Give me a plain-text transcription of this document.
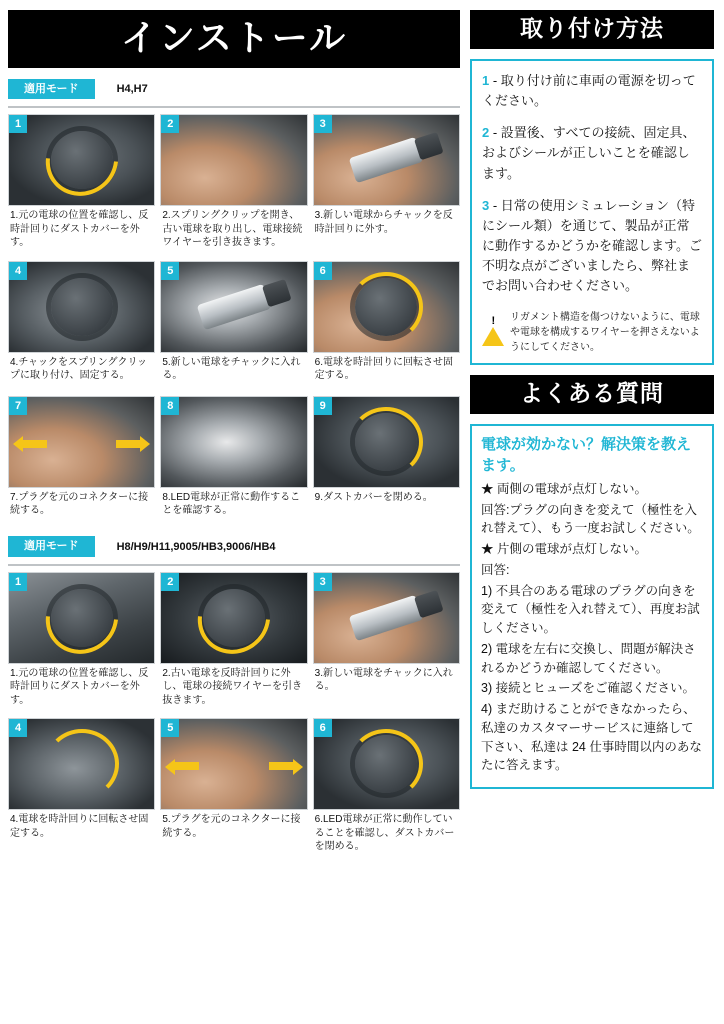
インストール
適用モード	H4,H7
1
1.元の電球の位置を確認し、反時計回りにダストカバーを外す。
2
2.スプリングクリップを開き、古い電球を取り出し、電球接続ワイヤーを引き抜きます。
3
3.新しい電球からチャックを反時計回りに外す。
4
4.チャックをスプリングクリップに取り付け、固定する。
5
5.新しい電球をチャックに入れる。
6
6.電球を時計回りに回転させ固定する。
7
7.プラグを元のコネクターに接続する。
8
8.LED電球が正常に動作することを確認する。
9
9.ダストカバーを閉める。
適用モード	H8/H9/H11,9005/HB3,9006/HB4
1
1.元の電球の位置を確認し、反時計回りにダストカバーを外す。
2
2.古い電球を反時計回りに外し、電球の接続ワイヤーを引き抜きます。
3
3.新しい電球をチャックに入れる。
4
4.電球を時計回りに回転させ固定する。
5
5.プラグを元のコネクターに接続する。
6
6.LED電球が正常に動作していることを確認し、ダストカバーを閉める。
取り付け方法

1 - 取り付け前に車両の電源を切ってください。

2 - 設置後、すべての接続、固定具、およびシールが正しいことを確認します。

3 - 日常の使用シミュレーション（特にシール類）を通じて、製品が正常に動作するかどうかを確認します。ご不明な点がございましたら、弊社までお問い合わせください。

! リガメント構造を傷つけないように、電球や電球を構成するワイヤーを押さえないようにしてください。
よくある質問

電球が効かない？解決策を教えます。

★ 両側の電球が点灯しない。

回答:プラグの向きを変えて（極性を入れ替えて）、もう一度お試しください。

★ 片側の電球が点灯しない。

回答:

1) 不具合のある電球のプラグの向きを変えて（極性を入れ替えて）、再度お試しください。

2) 電球を左右に交換し、問題が解決されるかどうか確認してください。

3) 接続とヒューズをご確認ください。

4) まだ助けることができなかったら、私達のカスタマーサービスに連絡して下さい、私達は 24 仕事時間以内のあなたに答えます。
